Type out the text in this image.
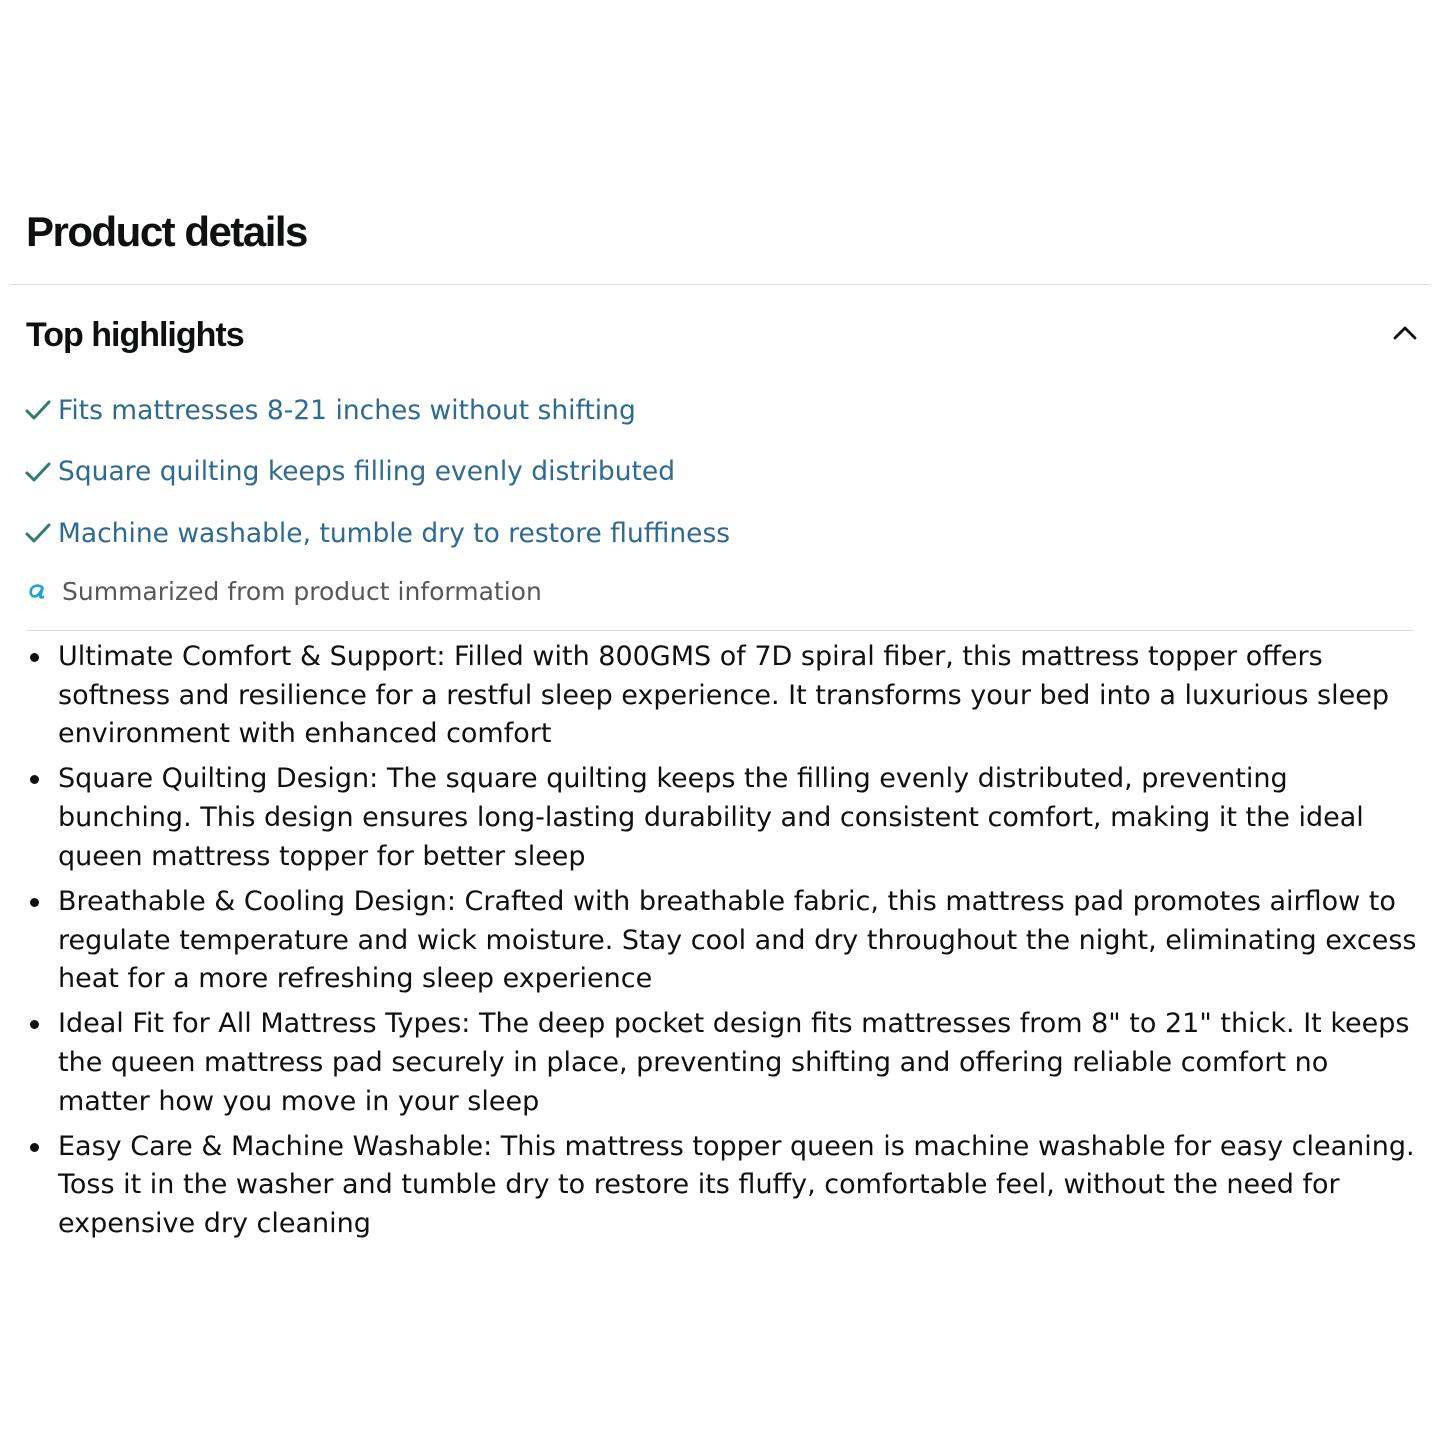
Product details
Top highlights
Fits mattresses 8-21 inches without shifting
Square quilting keeps filling evenly distributed
Machine washable, tumble dry to restore fluffiness
Summarized from product information
Ultimate Comfort & Support: Filled with 800GMS of 7D spiral fiber, this mattress topper offers softness and resilience for a restful sleep experience. It transforms your bed into a luxurious sleep environment with enhanced comfort
Square Quilting Design: The square quilting keeps the filling evenly distributed, preventing bunching. This design ensures long-lasting durability and consistent comfort, making it the ideal queen mattress topper for better sleep
Breathable & Cooling Design: Crafted with breathable fabric, this mattress pad promotes airflow to regulate temperature and wick moisture. Stay cool and dry throughout the night, eliminating excess heat for a more refreshing sleep experience
Ideal Fit for All Mattress Types: The deep pocket design fits mattresses from 8" to 21" thick. It keeps the queen mattress pad securely in place, preventing shifting and offering reliable comfort no matter how you move in your sleep
Easy Care & Machine Washable: This mattress topper queen is machine washable for easy cleaning. Toss it in the washer and tumble dry to restore its fluffy, comfortable feel, without the need for expensive dry cleaning
